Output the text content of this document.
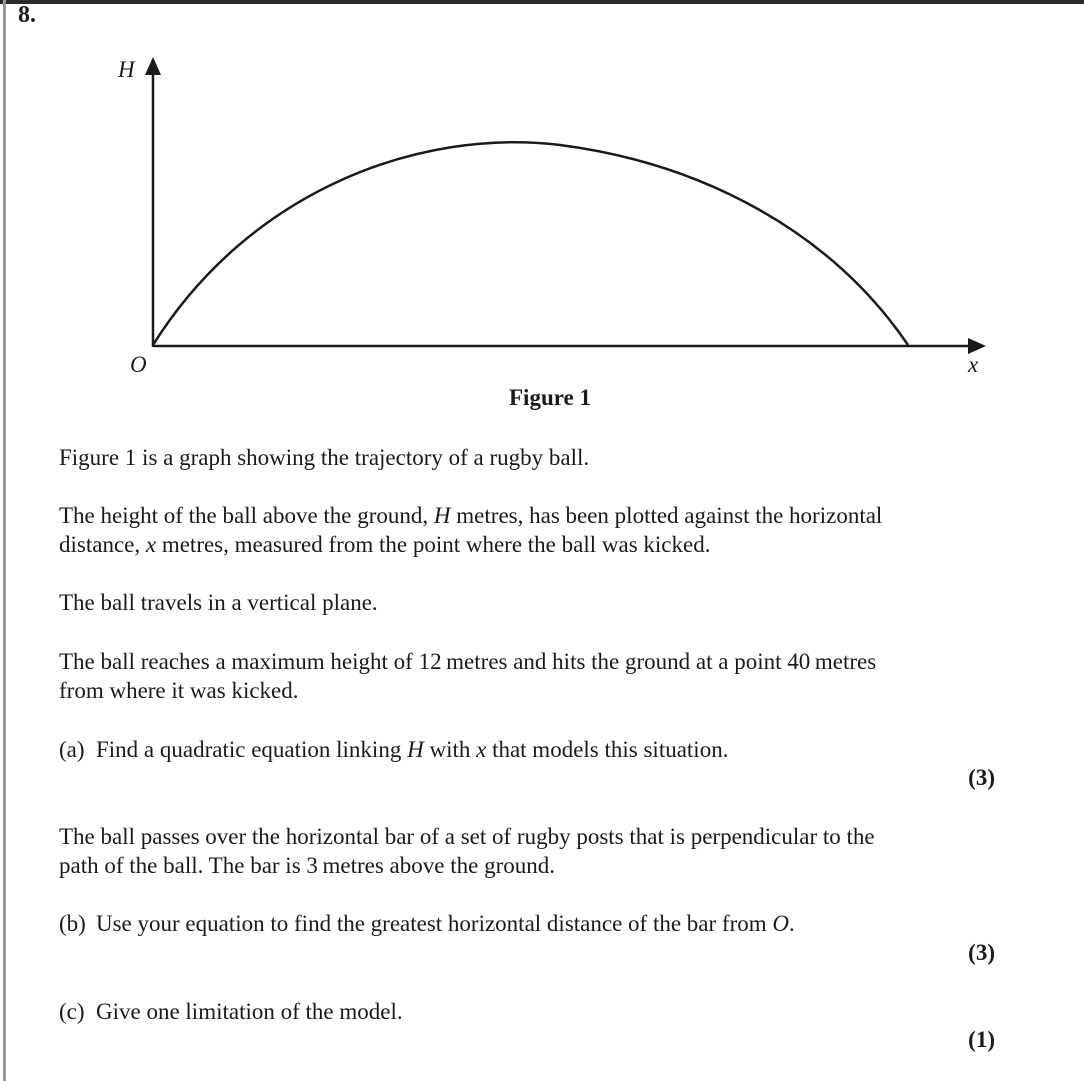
8.
H
x
O
Figure 1
Figure 1 is a graph showing the trajectory of a rugby ball.
The height of the ball above the ground, H metres, has been plotted against the horizontal
distance, x metres, measured from the point where the ball was kicked.
The ball travels in a vertical plane.
The ball reaches a maximum height of 12 metres and hits the ground at a point 40 metres
from where it was kicked.
(a) Find a quadratic equation linking H with x that models this situation.
(3)
The ball passes over the horizontal bar of a set of rugby posts that is perpendicular to the
path of the ball. The bar is 3 metres above the ground.
(b) Use your equation to find the greatest horizontal distance of the bar from O.
(3)
(c) Give one limitation of the model.
(1)
